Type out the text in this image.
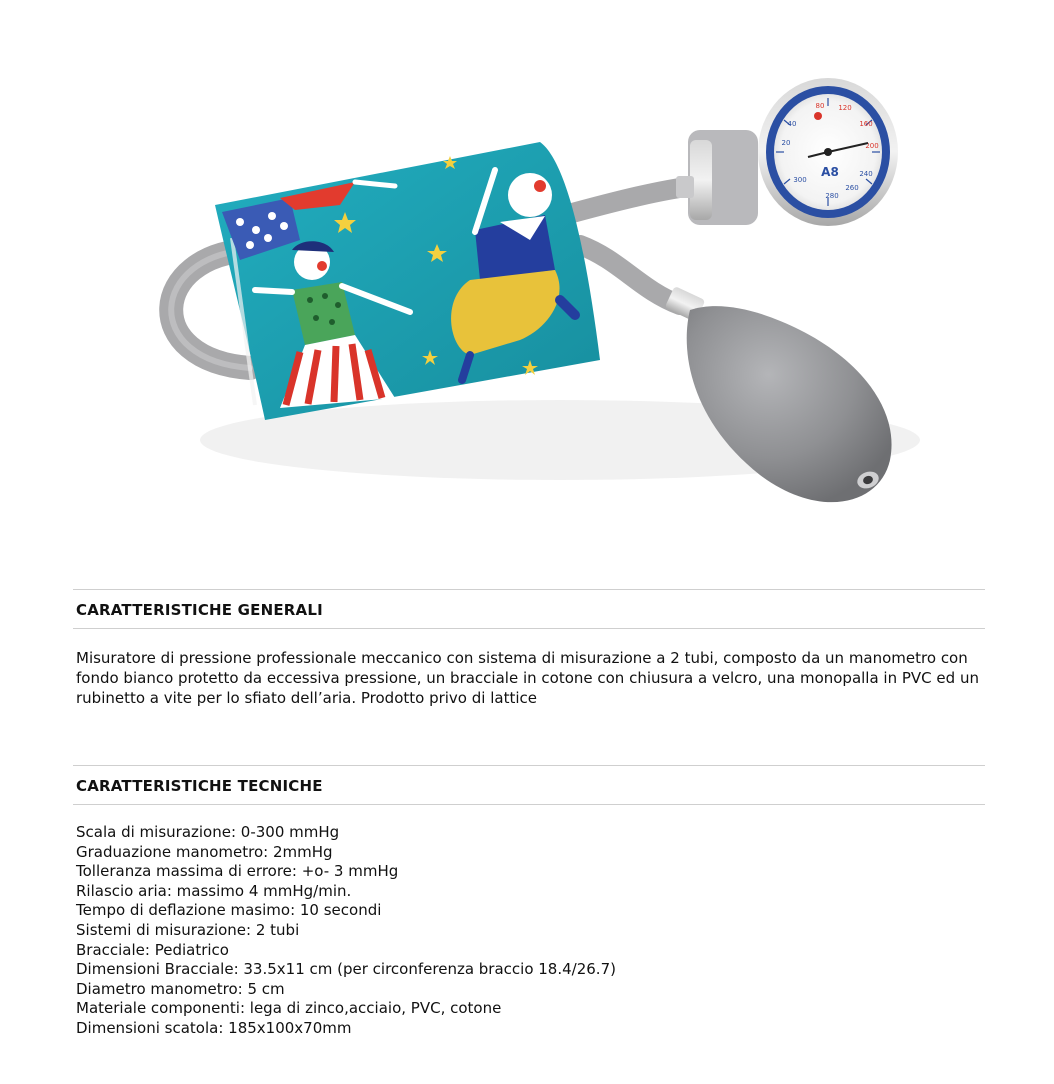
20
40
80 120
160
200
240
260
280
300
A8
CARATTERISTICHE GENERALI

Misuratore di pressione professionale meccanico con sistema di misurazione a 2 tubi, composto da un manometro con fondo bianco protetto da eccessiva pressione, un bracciale in cotone con chiusura a velcro, una monopalla in PVC ed un rubinetto a vite per lo sfiato dell’aria. Prodotto privo di lattice

CARATTERISTICHE TECNICHE
Scala di misurazione: 0-300 mmHg
Graduazione manometro: 2mmHg
Tolleranza massima di errore: +o- 3 mmHg
Rilascio aria: massimo 4 mmHg/min.
Tempo di deflazione masimo: 10 secondi
Sistemi di misurazione: 2 tubi
Bracciale: Pediatrico
Dimensioni Bracciale: 33.5x11 cm (per circonferenza braccio 18.4/26.7)
Diametro manometro: 5 cm
Materiale componenti: lega di zinco,acciaio, PVC, cotone
Dimensioni scatola: 185x100x70mm
